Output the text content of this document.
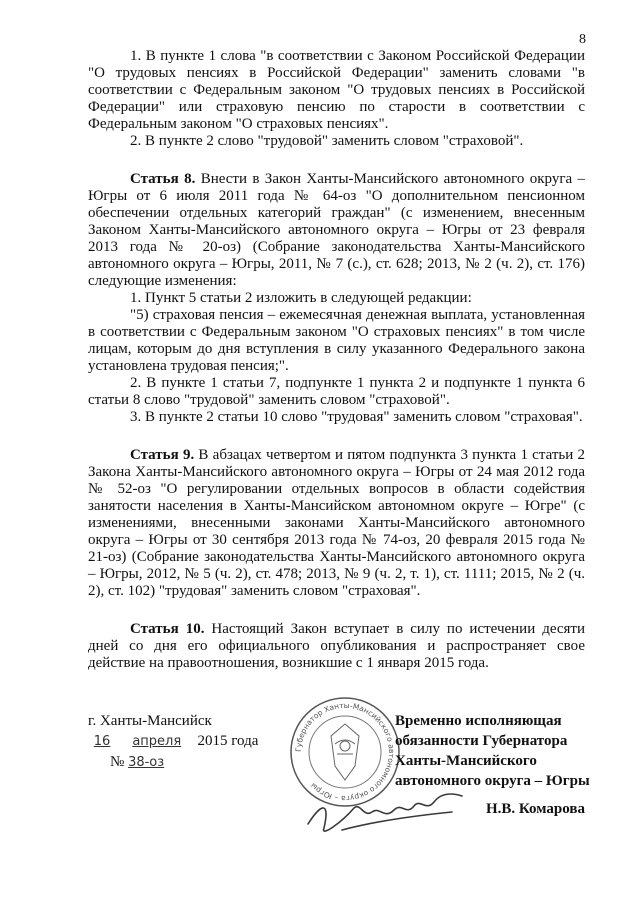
8

1. В пункте 1 слова "в соответствии с Законом Российской Федерации "О трудовых пенсиях в Российской Федерации" заменить словами "в соответствии с Федеральным законом "О трудовых пенсиях в Российской Федерации" или страховую пенсию по старости в соответствии с Федеральным законом "О страховых пенсиях".

2. В пункте 2 слово "трудовой" заменить словом "страховой".

Статья 8. Внести в Закон Ханты-Мансийского автономного округа – Югры от 6 июля 2011 года № 64-оз "О дополнительном пенсионном обеспечении отдельных категорий граждан" (с изменением, внесенным Законом Ханты-Мансийского автономного округа – Югры от 23 февраля 2013 года № 20-оз) (Собрание законодательства Ханты-Мансийского автономного округа – Югры, 2011, № 7 (с.), ст. 628; 2013, № 2 (ч. 2), ст. 176) следующие изменения:

1. Пункт 5 статьи 2 изложить в следующей редакции:

"5) страховая пенсия – ежемесячная денежная выплата, установленная в соответствии с Федеральным законом "О страховых пенсиях" в том числе лицам, которым до дня вступления в силу указанного Федерального закона установлена трудовая пенсия;".

2. В пункте 1 статьи 7, подпункте 1 пункта 2 и подпункте 1 пункта 6 статьи 8 слово "трудовой" заменить словом "страховой".

3. В пункте 2 статьи 10 слово "трудовая" заменить словом "страховая".

Статья 9. В абзацах четвертом и пятом подпункта 3 пункта 1 статьи 2 Закона Ханты-Мансийского автономного округа – Югры от 24 мая 2012 года № 52-оз "О регулировании отдельных вопросов в области содействия занятости населения в Ханты-Мансийском автономном округе – Югре" (с изменениями, внесенными законами Ханты-Мансийского автономного округа – Югры от 30 сентября 2013 года № 74-оз, 20 февраля 2015 года № 21-оз) (Собрание законодательства Ханты-Мансийского автономного округа – Югры, 2012, № 5 (ч. 2), ст. 478; 2013, № 9 (ч. 2, т. 1), ст. 1111; 2015, № 2 (ч. 2), ст. 102) "трудовая" заменить словом "страховая".

Статья 10. Настоящий Закон вступает в силу по истечении десяти дней со дня его официального опубликования и распространяет свое действие на правоотношения, возникшие с 1 января 2015 года.

г. Ханты-Мансийск
16 апреля 2015 года
№ 38-оз
Губернатор Ханты-Мансийского автономного округа – Югры
Временно исполняющая
обязанности Губернатора
Ханты-Мансийского
автономного округа – Югры
Н.В. Комарова
